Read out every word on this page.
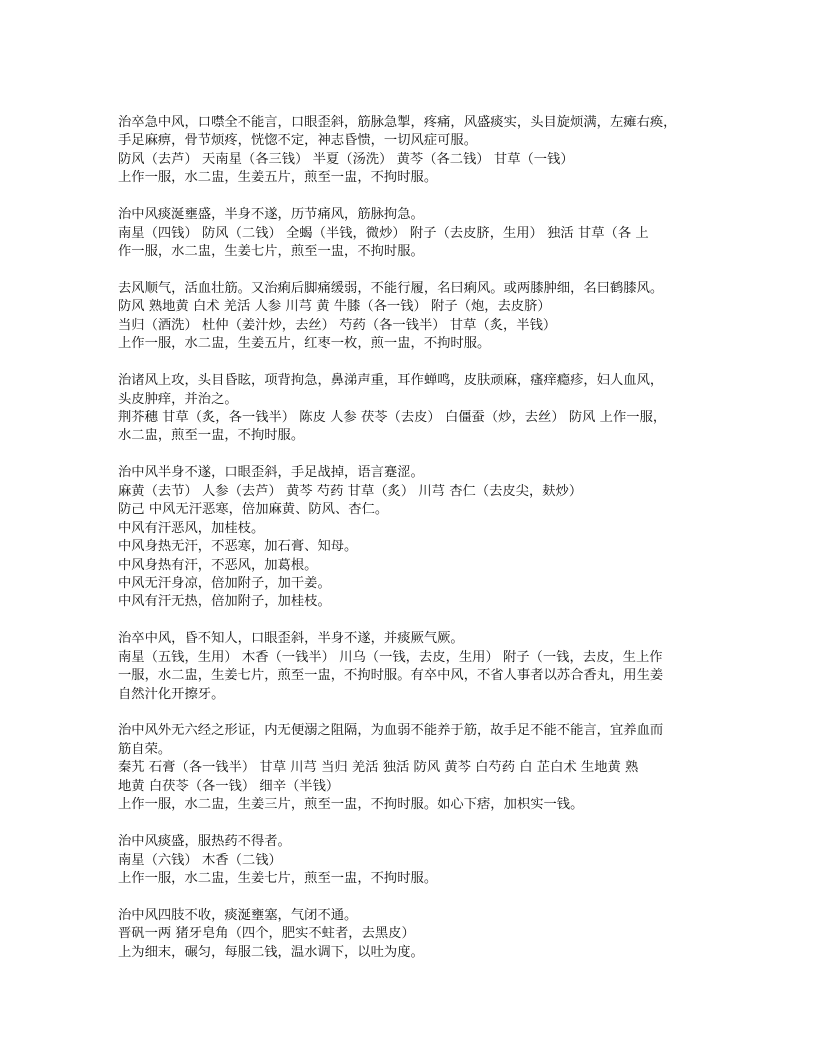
治卒急中风，口噤全不能言，口眼歪斜，筋脉急掣，疼痛，风盛痰实，头目旋烦满，左瘫右痪，
手足麻痹，骨节烦疼，恍惚不定，神志昏愦，一切风症可服。
防风（去芦） 天南星（各三钱） 半夏（汤洗） 黄芩（各二钱） 甘草（一钱）
上作一服，水二盅，生姜五片，煎至一盅，不拘时服。
治中风痰涎壅盛，半身不遂，历节痛风，筋脉拘急。
南星（四钱） 防风（二钱） 全蝎（半钱，微炒） 附子（去皮脐，生用） 独活 甘草（各 上
作一服，水二盅，生姜七片，煎至一盅，不拘时服。
去风顺气，活血壮筋。又治痢后脚痛缓弱，不能行履，名曰痢风。或两膝肿细，名曰鹤膝风。
防风 熟地黄 白术 羌活 人参 川芎 黄 牛膝（各一钱） 附子（炮，去皮脐）
当归（酒洗） 杜仲（姜汁炒，去丝） 芍药（各一钱半） 甘草（炙，半钱）
上作一服，水二盅，生姜五片，红枣一枚，煎一盅，不拘时服。
治诸风上攻，头目昏眩，项背拘急，鼻涕声重，耳作蝉鸣，皮肤顽麻，瘙痒瘾疹，妇人血风，
头皮肿痒，并治之。
荆芥穗 甘草（炙，各一钱半） 陈皮 人参 茯苓（去皮） 白僵蚕（炒，去丝） 防风 上作一服，
水二盅，煎至一盅，不拘时服。
治中风半身不遂，口眼歪斜，手足战掉，语言蹇涩。
麻黄（去节） 人参（去芦） 黄芩 芍药 甘草（炙） 川芎 杏仁（去皮尖，麸炒）
防己 中风无汗恶寒，倍加麻黄、防风、杏仁。
中风有汗恶风，加桂枝。
中风身热无汗，不恶寒，加石膏、知母。
中风身热有汗，不恶风，加葛根。
中风无汗身凉，倍加附子，加干姜。
中风有汗无热，倍加附子，加桂枝。
治卒中风，昏不知人，口眼歪斜，半身不遂，并痰厥气厥。
南星（五钱，生用） 木香（一钱半） 川乌（一钱，去皮，生用） 附子（一钱，去皮，生上作
一服，水二盅，生姜七片，煎至一盅，不拘时服。有卒中风，不省人事者以苏合香丸，用生姜
自然汁化开擦牙。
治中风外无六经之形证，内无便溺之阻隔，为血弱不能养于筋，故手足不能不能言，宜养血而
筋自荣。
秦艽 石膏（各一钱半） 甘草 川芎 当归 羌活 独活 防风 黄芩 白芍药 白 芷白术 生地黄 熟
地黄 白茯苓（各一钱） 细辛（半钱）
上作一服，水二盅，生姜三片，煎至一盅，不拘时服。如心下痞，加枳实一钱。
治中风痰盛，服热药不得者。
南星（六钱） 木香（二钱）
上作一服，水二盅，生姜七片，煎至一盅，不拘时服。
治中风四肢不收，痰涎壅塞，气闭不通。
晋矾一两 猪牙皂角（四个，肥实不蛀者，去黑皮）
上为细末，碾匀，每服二钱，温水调下，以吐为度。
